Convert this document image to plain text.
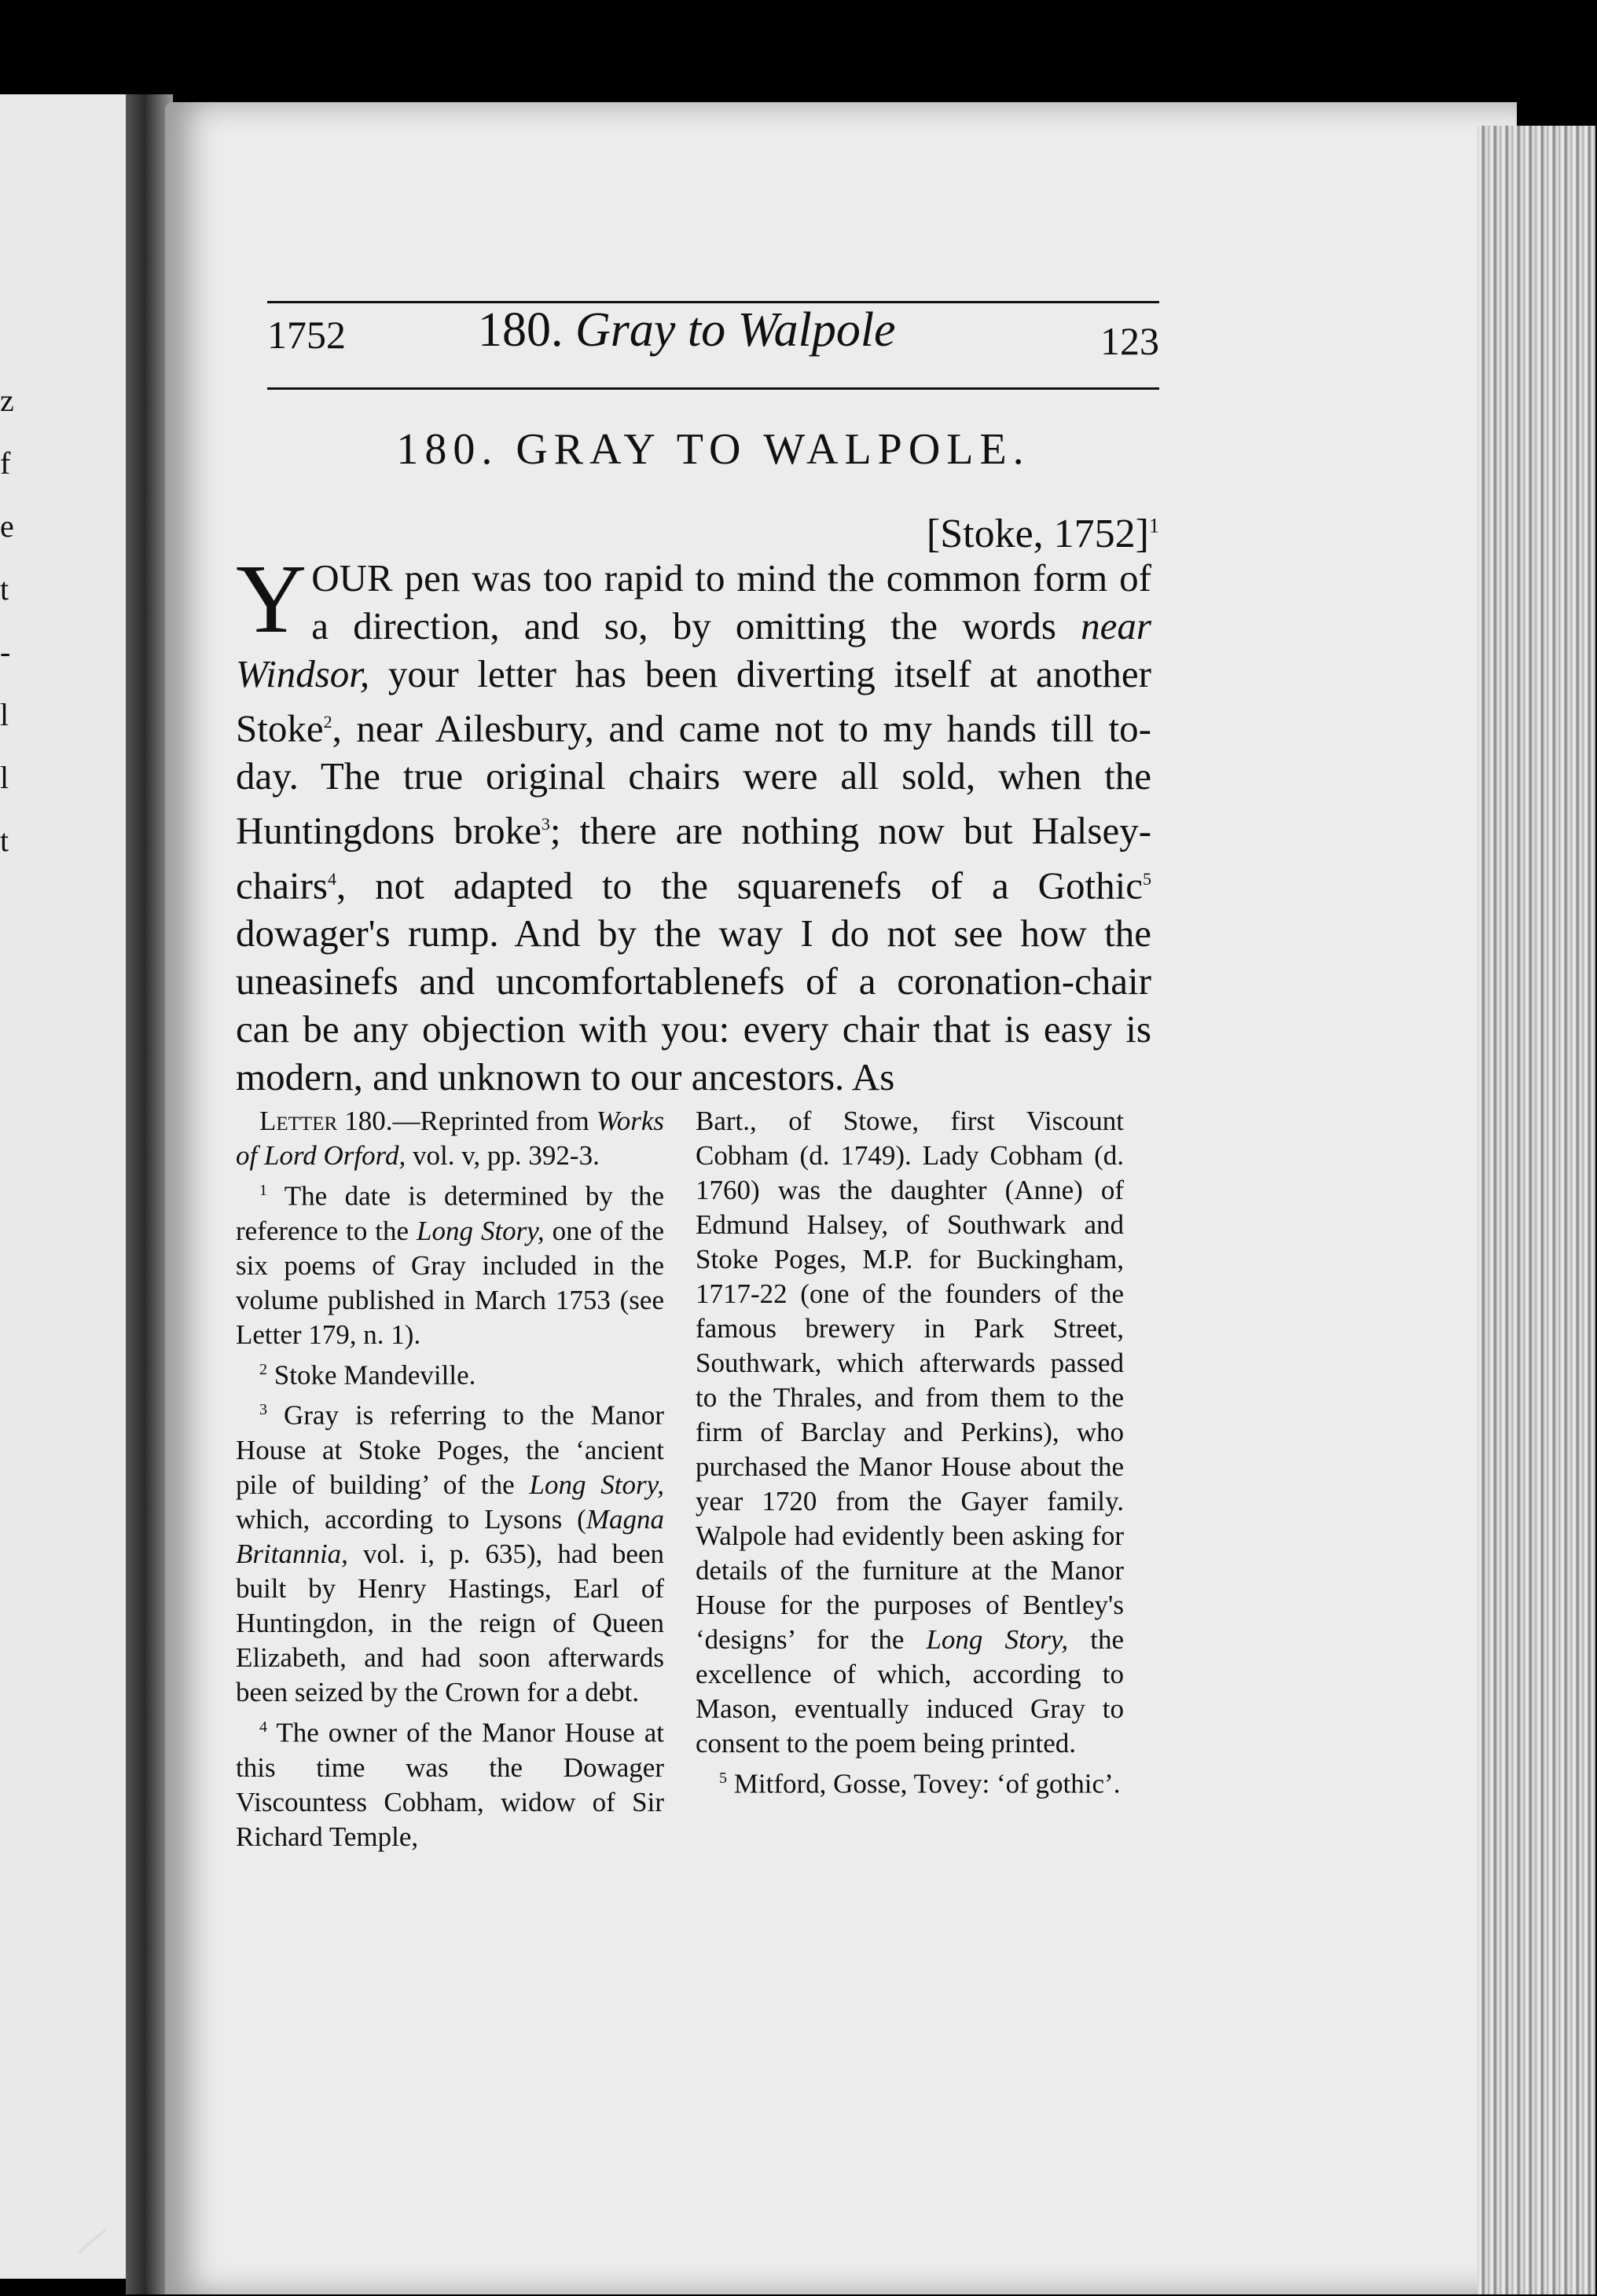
z
f
e
t
-
l
l
t
1752	180. Gray to Walpole	123
180. GRAY TO WALPOLE.
[Stoke, 1752]$^1$
YOUR pen was too rapid to mind the common form of a direction, and so, by omitting the words near Windsor, your letter has been diverting itself at another Stoke$^2$, near Ailesbury, and came not to my hands till to-day. The true original chairs were all sold, when the Huntingdons broke$^3$; there are nothing now but Halsey-chairs$^4$, not adapted to the squarenefs of a Gothic$^5$ dowager's rump. And by the way I do not see how the uneasinefs and uncomfortablenefs of a coronation-chair can be any objection with you: every chair that is easy is modern, and unknown to our ancestors. As

Letter 180.—Reprinted from Works of Lord Orford, vol. v, pp. 392-3.

$^1$ The date is determined by the reference to the Long Story, one of the six poems of Gray included in the volume published in March 1753 (see Letter 179, n. 1).

$^2$ Stoke Mandeville.

$^3$ Gray is referring to the Manor House at Stoke Poges, the ‘ancient pile of building’ of the Long Story, which, according to Lysons (Magna Britannia, vol. i, p. 635), had been built by Henry Hastings, Earl of Huntingdon, in the reign of Queen Elizabeth, and had soon afterwards been seized by the Crown for a debt.

$^4$ The owner of the Manor House at this time was the Dowager Viscountess Cobham, widow of Sir Richard Temple,

Bart., of Stowe, first Viscount Cobham (d. 1749). Lady Cobham (d. 1760) was the daughter (Anne) of Edmund Halsey, of Southwark and Stoke Poges, M.P. for Buckingham, 1717-22 (one of the founders of the famous brewery in Park Street, Southwark, which afterwards passed to the Thrales, and from them to the firm of Barclay and Perkins), who purchased the Manor House about the year 1720 from the Gayer family. Walpole had evidently been asking for details of the furniture at the Manor House for the purposes of Bentley's ‘designs’ for the Long Story, the excellence of which, according to Mason, eventually induced Gray to consent to the poem being printed.

$^5$ Mitford, Gosse, Tovey: ‘of gothic’.
